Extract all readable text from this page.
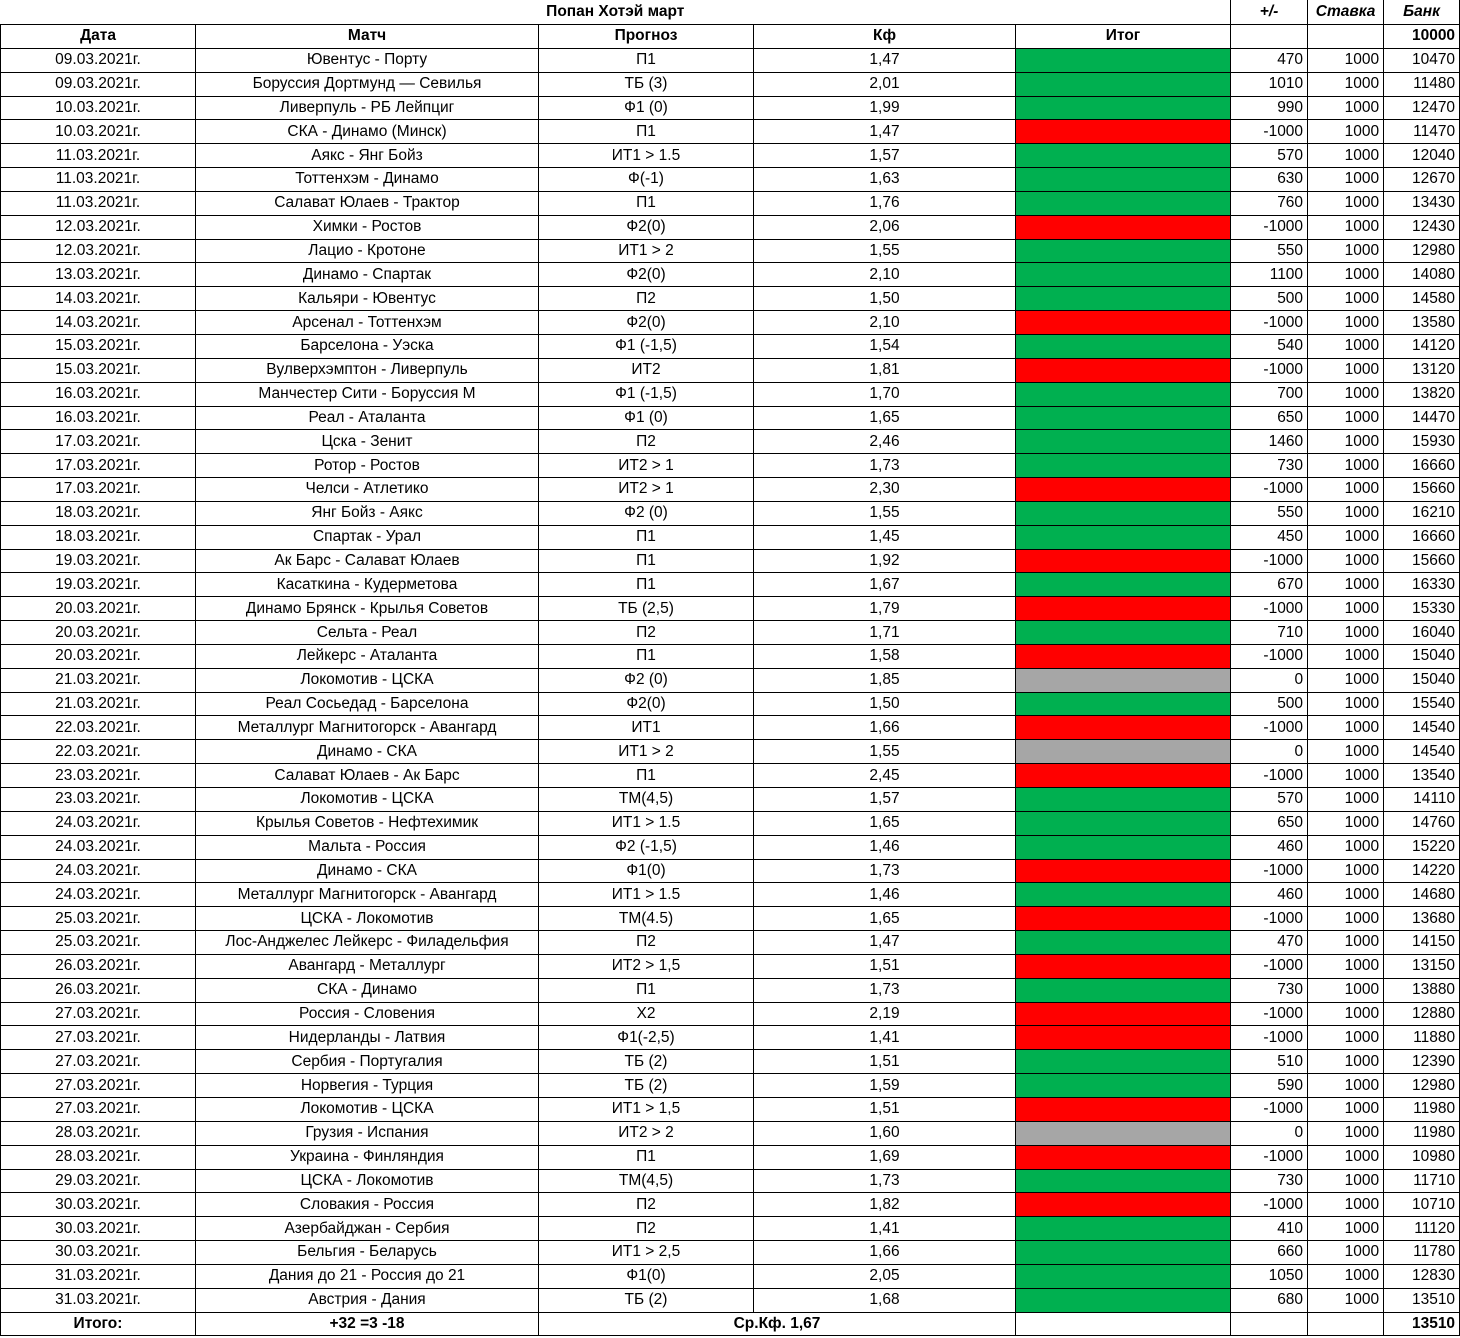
Попан Хотэй март					+/-	Ставка	Банк
Дата	Матч	Прогноз	Кф	Итог			10000
09.03.2021г.	Ювентус - Порту	П1	1,47		470	1000	10470
09.03.2021г.	Боруссия Дортмунд — Севилья	ТБ (3)	2,01		1010	1000	11480
10.03.2021г.	Ливерпуль - РБ Лейпциг	Ф1 (0)	1,99		990	1000	12470
10.03.2021г.	СКА - Динамо (Минск)	П1	1,47		-1000	1000	11470
11.03.2021г.	Аякс - Янг Бойз	ИТ1 > 1.5	1,57		570	1000	12040
11.03.2021г.	Тоттенхэм - Динамо	Ф(-1)	1,63		630	1000	12670
11.03.2021г.	Салават Юлаев - Трактор	П1	1,76		760	1000	13430
12.03.2021г.	Химки - Ростов	Ф2(0)	2,06		-1000	1000	12430
12.03.2021г.	Лацио - Кротоне	ИТ1 > 2	1,55		550	1000	12980
13.03.2021г.	Динамо - Спартак	Ф2(0)	2,10		1100	1000	14080
14.03.2021г.	Кальяри - Ювентус	П2	1,50		500	1000	14580
14.03.2021г.	Арсенал - Тоттенхэм	Ф2(0)	2,10		-1000	1000	13580
15.03.2021г.	Барселона - Уэска	Ф1 (-1,5)	1,54		540	1000	14120
15.03.2021г.	Вулверхэмптон - Ливерпуль	ИТ2	1,81		-1000	1000	13120
16.03.2021г.	Манчестер Сити - Боруссия М	Ф1 (-1,5)	1,70		700	1000	13820
16.03.2021г.	Реал - Аталанта	Ф1 (0)	1,65		650	1000	14470
17.03.2021г.	Цска - Зенит	П2	2,46		1460	1000	15930
17.03.2021г.	Ротор - Ростов	ИТ2 > 1	1,73		730	1000	16660
17.03.2021г.	Челси - Атлетико	ИТ2 > 1	2,30		-1000	1000	15660
18.03.2021г.	Янг Бойз - Аякс	Ф2 (0)	1,55		550	1000	16210
18.03.2021г.	Спартак - Урал	П1	1,45		450	1000	16660
19.03.2021г.	Ак Барс - Салават Юлаев	П1	1,92		-1000	1000	15660
19.03.2021г.	Касаткина - Кудерметова	П1	1,67		670	1000	16330
20.03.2021г.	Динамо Брянск - Крылья Советов	ТБ (2,5)	1,79		-1000	1000	15330
20.03.2021г.	Сельта - Реал	П2	1,71		710	1000	16040
20.03.2021г.	Лейкерс - Аталанта	П1	1,58		-1000	1000	15040
21.03.2021г.	Локомотив - ЦСКА	Ф2 (0)	1,85		0	1000	15040
21.03.2021г.	Реал Сосьедад - Барселона	Ф2(0)	1,50		500	1000	15540
22.03.2021г.	Металлург Магнитогорск - Авангард	ИТ1	1,66		-1000	1000	14540
22.03.2021г.	Динамо - СКА	ИТ1 > 2	1,55		0	1000	14540
23.03.2021г.	Салават Юлаев - Ак Барс	П1	2,45		-1000	1000	13540
23.03.2021г.	Локомотив - ЦСКА	ТМ(4,5)	1,57		570	1000	14110
24.03.2021г.	Крылья Советов - Нефтехимик	ИТ1 > 1.5	1,65		650	1000	14760
24.03.2021г.	Мальта - Россия	Ф2 (-1,5)	1,46		460	1000	15220
24.03.2021г.	Динамо - СКА	Ф1(0)	1,73		-1000	1000	14220
24.03.2021г.	Металлург Магнитогорск - Авангард	ИТ1 > 1.5	1,46		460	1000	14680
25.03.2021г.	ЦСКА - Локомотив	ТМ(4.5)	1,65		-1000	1000	13680
25.03.2021г.	Лос-Анджелес Лейкерс - Филадельфия	П2	1,47		470	1000	14150
26.03.2021г.	Авангард - Металлург	ИТ2 > 1,5	1,51		-1000	1000	13150
26.03.2021г.	СКА - Динамо	П1	1,73		730	1000	13880
27.03.2021г.	Россия - Словения	Х2	2,19		-1000	1000	12880
27.03.2021г.	Нидерланды - Латвия	Ф1(-2,5)	1,41		-1000	1000	11880
27.03.2021г.	Сербия - Португалия	ТБ (2)	1,51		510	1000	12390
27.03.2021г.	Норвегия - Турция	ТБ (2)	1,59		590	1000	12980
27.03.2021г.	Локомотив - ЦСКА	ИТ1 > 1,5	1,51		-1000	1000	11980
28.03.2021г.	Грузия - Испания	ИТ2 > 2	1,60		0	1000	11980
28.03.2021г.	Украина - Финляндия	П1	1,69		-1000	1000	10980
29.03.2021г.	ЦСКА - Локомотив	ТМ(4,5)	1,73		730	1000	11710
30.03.2021г.	Словакия - Россия	П2	1,82		-1000	1000	10710
30.03.2021г.	Азербайджан - Сербия	П2	1,41		410	1000	11120
30.03.2021г.	Бельгия - Беларусь	ИТ1 > 2,5	1,66		660	1000	11780
31.03.2021г.	Дания до 21 - Россия до 21	Ф1(0)	2,05		1050	1000	12830
31.03.2021г.	Австрия - Дания	ТБ (2)	1,68		680	1000	13510
Итого:	+32 =3 -18	Ср.Кф. 1,67					13510
